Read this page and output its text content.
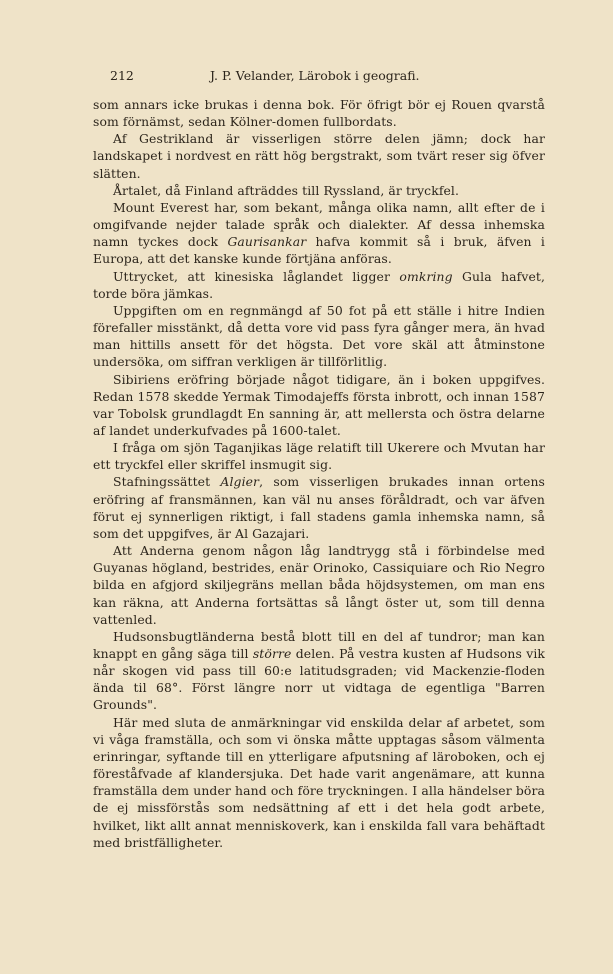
212	J. P. Velander, Lärobok i geografi.

som annars icke brukas i denna bok. För öfrigt bör ej Rouen qvarstå som förnämst, sedan Kölner-domen fullbordats.

Af Gestrikland är visserligen större delen jämn; dock har landskapet i nordvest en rätt hög bergstrakt, som tvärt reser sig öfver slätten.

Årtalet, då Finland afträddes till Ryssland, är tryckfel.

Mount Everest har, som bekant, många olika namn, allt efter de i omgifvande nejder talade språk och dialekter. Af dessa inhemska namn tyckes dock Gaurisankar hafva kommit så i bruk, äfven i Europa, att det kanske kunde förtjäna anföras.

Uttrycket, att kinesiska låglandet ligger omkring Gula hafvet, torde böra jämkas.

Uppgiften om en regnmängd af 50 fot på ett ställe i hitre Indien förefaller misstänkt, då detta vore vid pass fyra gånger mera, än hvad man hittills ansett för det högsta. Det vore skäl att åtminstone undersöka, om siffran verkligen är tillförlitlig.

Sibiriens eröfring började något tidigare, än i boken uppgifves. Redan 1578 skedde Yermak Timodajeffs första inbrott, och innan 1587 var Tobolsk grundlagdt En sanning är, att mellersta och östra delarne af landet underkufvades på 1600-talet.

I fråga om sjön Taganjikas läge relatift till Ukerere och Mvutan har ett tryckfel eller skriffel insmugit sig.

Stafningssättet Algier, som visserligen brukades innan ortens eröfring af fransmännen, kan väl nu anses föråldradt, och var äfven förut ej synnerligen riktigt, i fall stadens gamla inhemska namn, så som det uppgifves, är Al Gazajari.

Att Anderna genom någon låg landtrygg stå i förbindelse med Guyanas högland, bestrides, enär Orinoko, Cassiquiare och Rio Negro bilda en afgjord skiljegräns mellan båda höjdsystemen, om man ens kan räkna, att Anderna fortsättas så långt öster ut, som till denna vattenled.

Hudsonsbugtländerna bestå blott till en del af tundror; man kan knappt en gång säga till större delen. På vestra kusten af Hudsons vik når skogen vid pass till 60:e latitudsgraden; vid Mackenzie-floden ända til 68°. Först längre norr ut vidtaga de egentliga "Barren Grounds".

Här med sluta de anmärkningar vid enskilda delar af arbetet, som vi våga framställa, och som vi önska måtte upptagas såsom välmenta erinringar, syftande till en ytterligare afputsning af läroboken, och ej föreståfvade af klandersjuka. Det hade varit angenämare, att kunna framställa dem under hand och före tryckningen. I alla händelser böra de ej missförstås som nedsättning af ett i det hela godt arbete, hvilket, likt allt annat menniskoverk, kan i enskilda fall vara behäftadt med bristfälligheter.
